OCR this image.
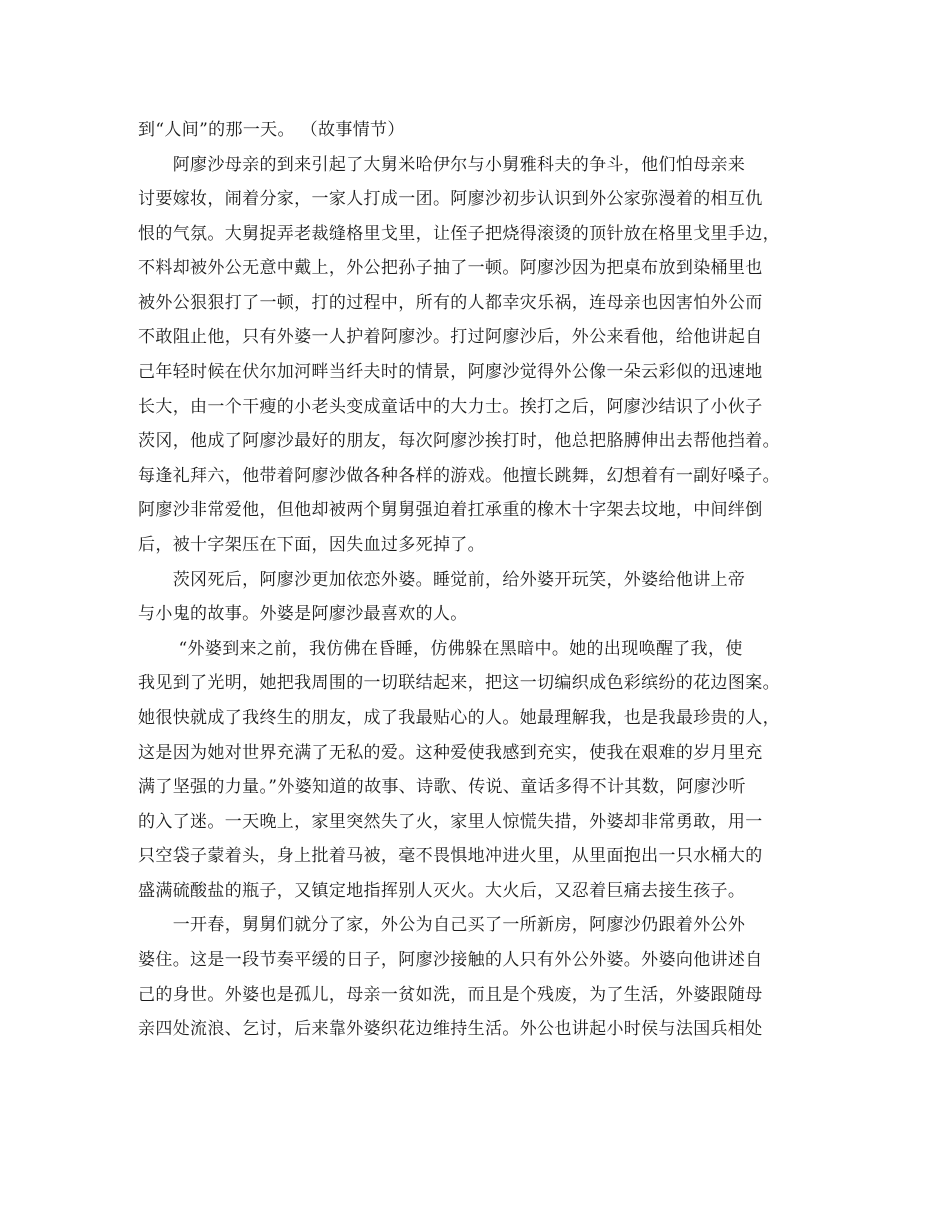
到“人间”的那一天。 （故事情节）
　　阿廖沙母亲的到来引起了大舅米哈伊尔与小舅雅科夫的争斗，他们怕母亲来
讨要嫁妆，闹着分家，一家人打成一团。阿廖沙初步认识到外公家弥漫着的相互仇
恨的气氛。大舅捉弄老裁缝格里戈里，让侄子把烧得滚烫的顶针放在格里戈里手边，
不料却被外公无意中戴上，外公把孙子抽了一顿。阿廖沙因为把桌布放到染桶里也
被外公狠狠打了一顿，打的过程中，所有的人都幸灾乐祸，连母亲也因害怕外公而
不敢阻止他，只有外婆一人护着阿廖沙。打过阿廖沙后，外公来看他，给他讲起自
己年轻时候在伏尔加河畔当纤夫时的情景，阿廖沙觉得外公像一朵云彩似的迅速地
长大，由一个干瘦的小老头变成童话中的大力士。挨打之后，阿廖沙结识了小伙子
茨冈，他成了阿廖沙最好的朋友，每次阿廖沙挨打时，他总把胳膊伸出去帮他挡着。
每逢礼拜六，他带着阿廖沙做各种各样的游戏。他擅长跳舞，幻想着有一副好嗓子。
阿廖沙非常爱他，但他却被两个舅舅强迫着扛承重的橡木十字架去坟地，中间绊倒
后，被十字架压在下面，因失血过多死掉了。
　　茨冈死后，阿廖沙更加依恋外婆。睡觉前，给外婆开玩笑，外婆给他讲上帝
与小鬼的故事。外婆是阿廖沙最喜欢的人。
　　 “外婆到来之前，我仿佛在昏睡，仿佛躲在黑暗中。她的出现唤醒了我，使
我见到了光明，她把我周围的一切联结起来，把这一切编织成色彩缤纷的花边图案。
她很快就成了我终生的朋友，成了我最贴心的人。她最理解我，也是我最珍贵的人，
这是因为她对世界充满了无私的爱。这种爱使我感到充实，使我在艰难的岁月里充
满了坚强的力量。”外婆知道的故事、诗歌、传说、童话多得不计其数，阿廖沙听
的入了迷。一天晚上，家里突然失了火，家里人惊慌失措，外婆却非常勇敢，用一
只空袋子蒙着头，身上批着马被，毫不畏惧地冲进火里，从里面抱出一只水桶大的
盛满硫酸盐的瓶子，又镇定地指挥别人灭火。大火后，又忍着巨痛去接生孩子。
　　一开春，舅舅们就分了家，外公为自己买了一所新房，阿廖沙仍跟着外公外
婆住。这是一段节奏平缓的日子，阿廖沙接触的人只有外公外婆。外婆向他讲述自
己的身世。外婆也是孤儿，母亲一贫如洗，而且是个残废，为了生活，外婆跟随母
亲四处流浪、乞讨，后来靠外婆织花边维持生活。外公也讲起小时侯与法国兵相处
